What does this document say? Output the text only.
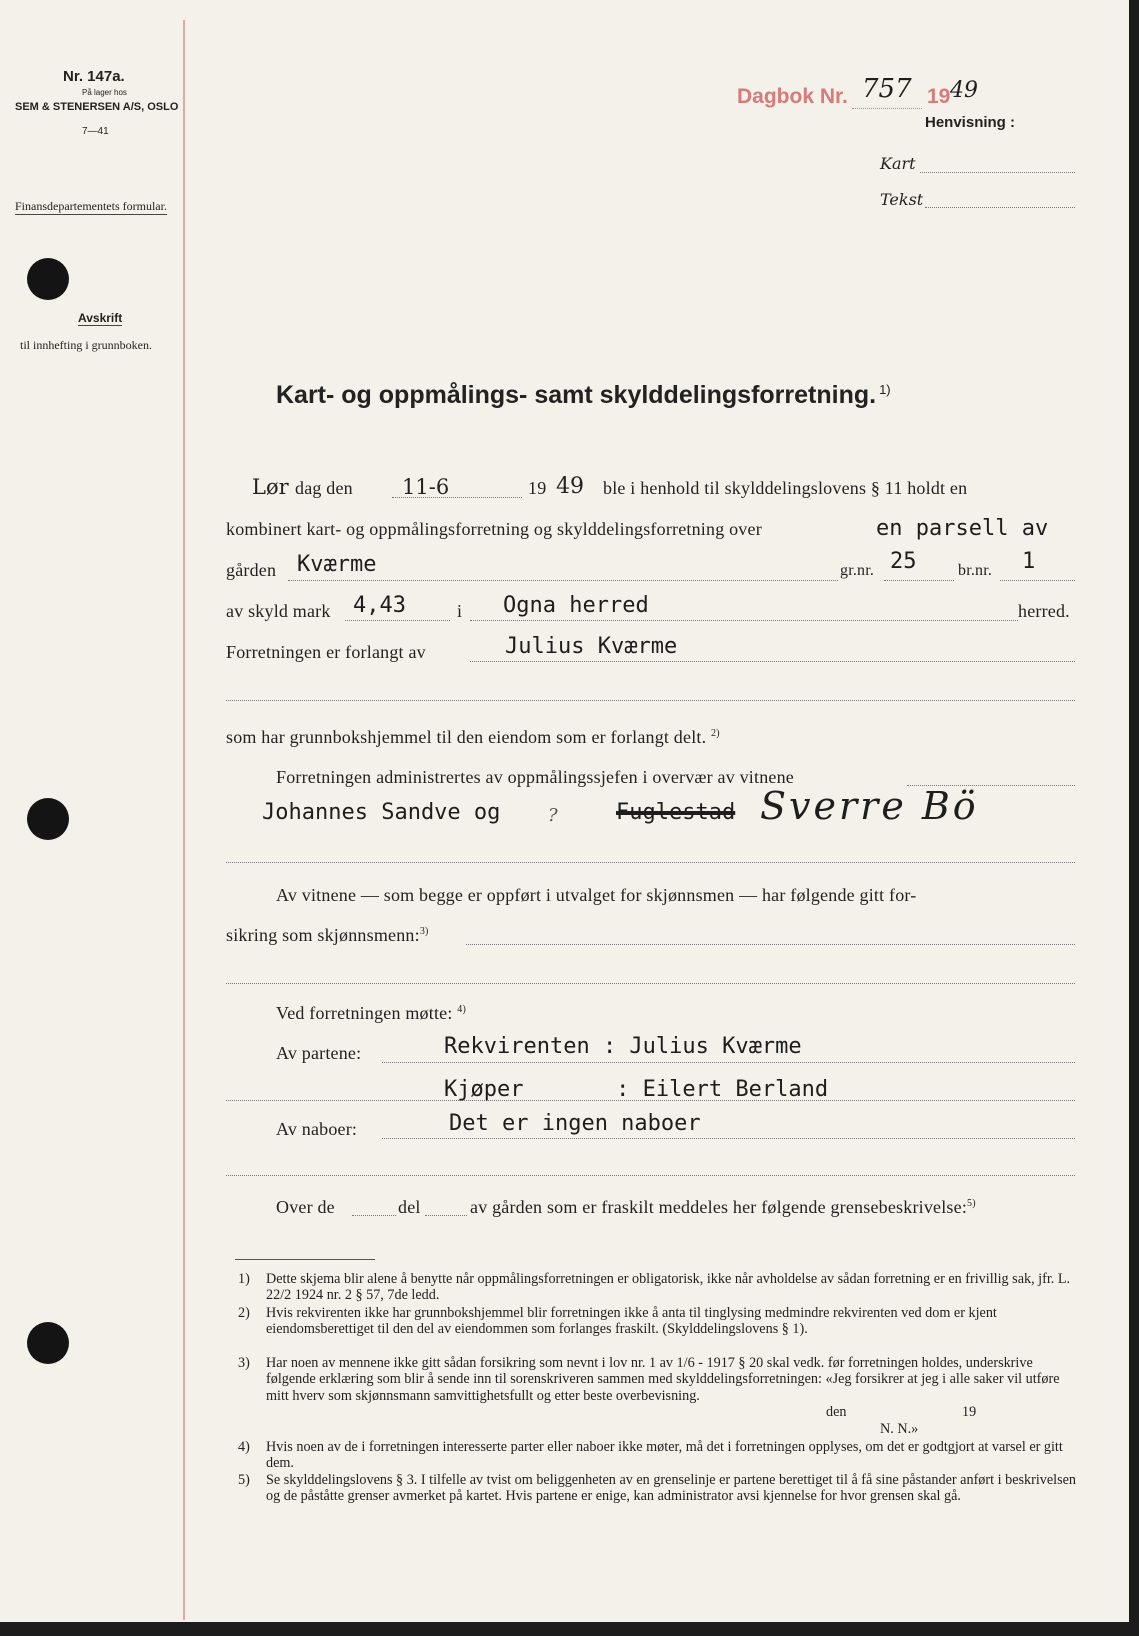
Nr. 147a.
På lager hos
SEM & STENERSEN A/S, OSLO
7—41
Finansdepartementets formular.
Avskrift
til innhefting i grunnboken.
Dagbok Nr. 757 19 49
Henvisning :
Kart
Tekst
Kart- og oppmålings- samt skylddelingsforretning. $^{1)}$
Lør dag den 11-6	19 49 ble i henhold til skylddelingslovens § 11 holdt en
kombinert kart- og oppmålingsforretning og skylddelingsforretning over	en parsell av
gården Kværme	gr.nr. 25	br.nr. 1
av skyld mark 4,43	i Ogna herred	herred.
Forretningen er forlangt av	Julius Kværme
som har grunnbokshjemmel til den eiendom som er forlangt delt. $^{2)}$
Forretningen administrertes av oppmålingssjefen i overvær av vitnene
Johannes Sandve og	?	Fuglestad Sverre Bö
Av vitnene — som begge er oppført i utvalget for skjønnsmen — har følgende gitt for-
sikring som skjønnsmenn:$^{3)}$
Ved forretningen møtte: $^{4)}$
Av partene:	Rekvirenten : Julius Kværme
Kjøper       : Eilert Berland
Av naboer:	Det er ingen naboer
Over de	del	av gården som er fraskilt meddeles her følgende grensebeskrivelse:$^{5)}$
1) Dette skjema blir alene å benytte når oppmålingsforretningen er obligatorisk, ikke når avholdelse av sådan forretning er en frivillig sak, jfr. L. 22/2 1924 nr. 2 § 57, 7de ledd.
2) Hvis rekvirenten ikke har grunnbokshjemmel blir forretningen ikke å anta til tinglysing medmindre rekvirenten ved dom er kjent eiendomsberettiget til den del av eiendommen som forlanges fraskilt. (Skylddelingslovens § 1).
3) Har noen av mennene ikke gitt sådan forsikring som nevnt i lov nr. 1 av 1/6 - 1917 § 20 skal vedk. før forretningen holdes, underskrive følgende erklæring som blir å sende inn til sorenskriveren sammen med skylddelingsforretningen: «Jeg forsikrer at jeg i alle saker vil utføre mitt hverv som skjønnsmann samvittighetsfullt og etter beste overbevisning.
den	19
N. N.»
4) Hvis noen av de i forretningen interesserte parter eller naboer ikke møter, må det i forretningen opplyses, om det er godtgjort at varsel er gitt dem.
5) Se skylddelingslovens § 3. I tilfelle av tvist om beliggenheten av en grenselinje er partene berettiget til å få sine påstander anført i beskrivelsen og de påståtte grenser avmerket på kartet. Hvis partene er enige, kan administrator avsi kjennelse for hvor grensen skal gå.
